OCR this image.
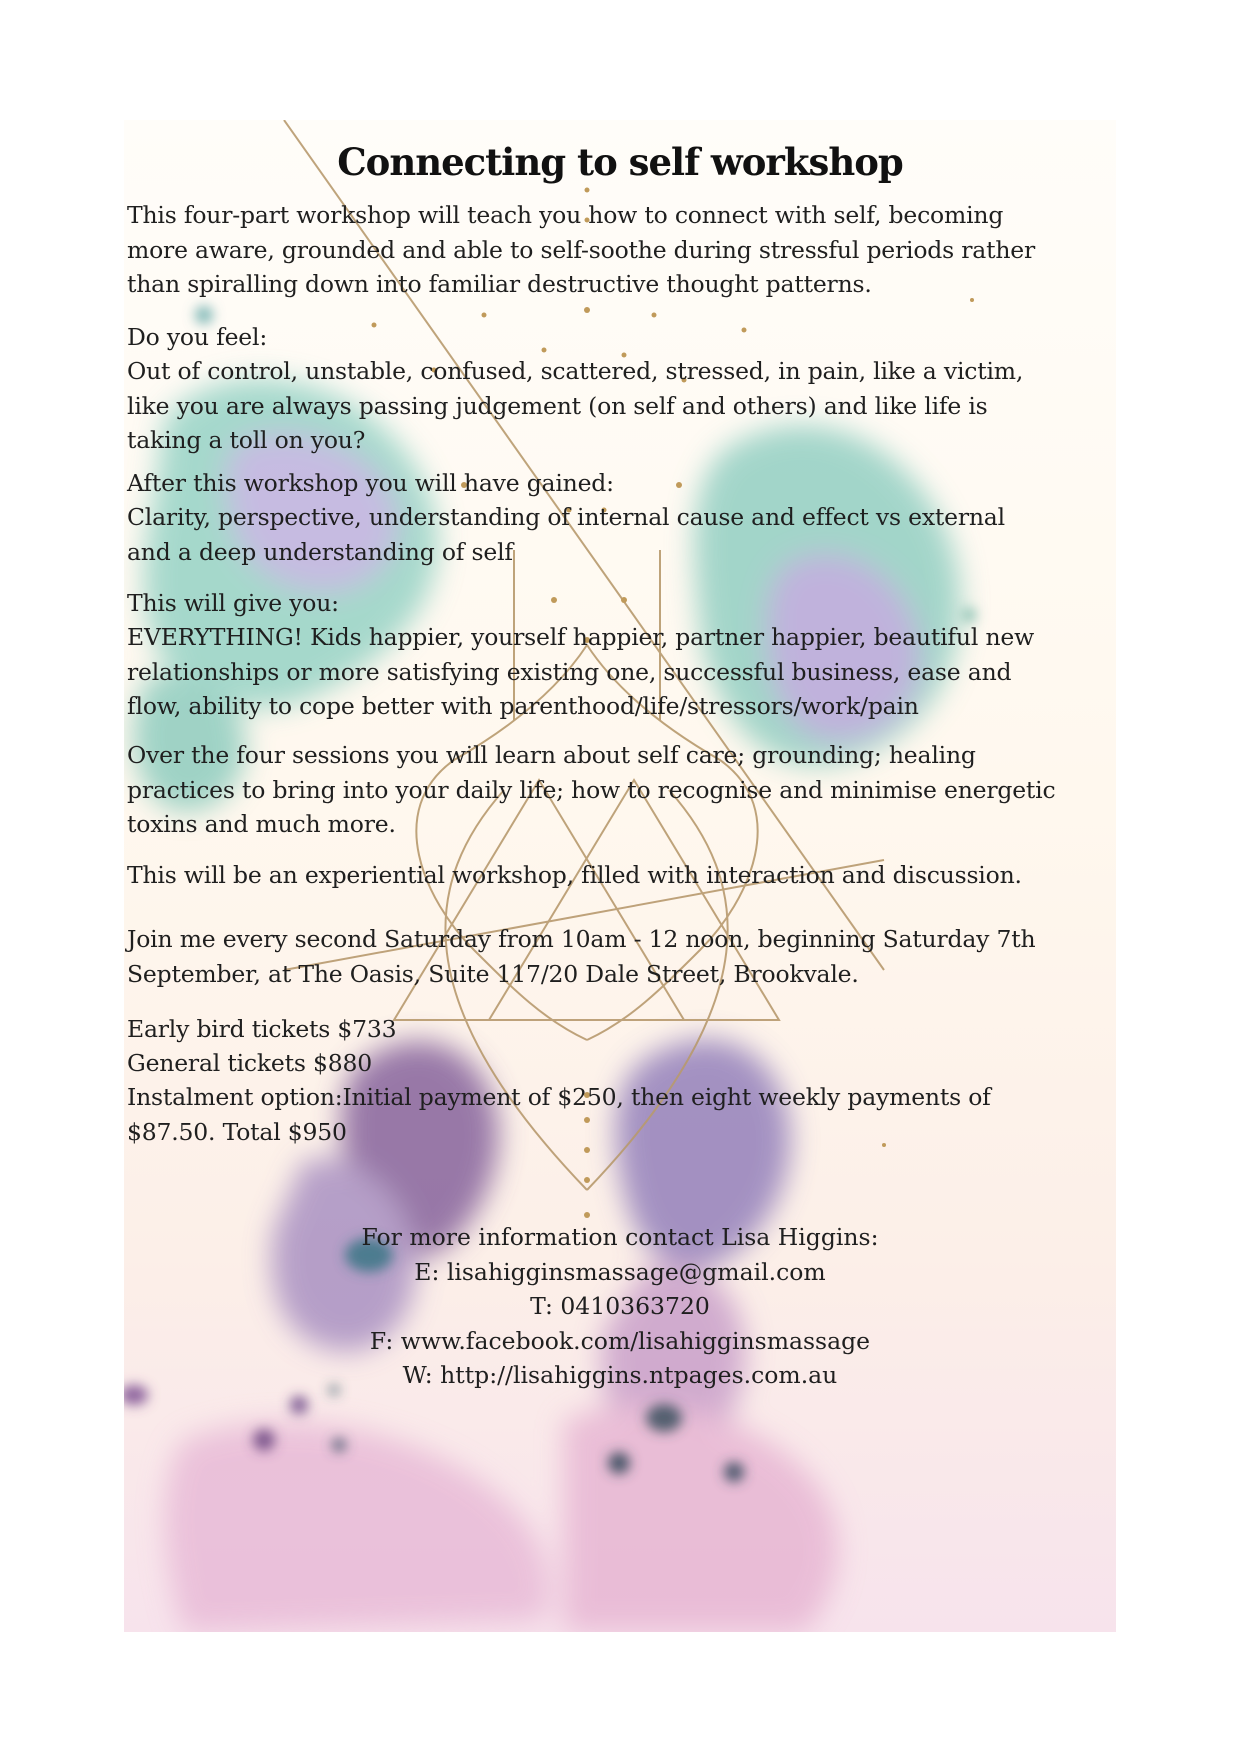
Connecting to self workshop
This four-part workshop will teach you how to connect with self, becoming
more aware, grounded and able to self-soothe during stressful periods rather
than spiralling down into familiar destructive thought patterns.
Do you feel:
Out of control, unstable, confused, scattered, stressed, in pain, like a victim,
like you are always passing judgement (on self and others) and like life is
taking a toll on you?
After this workshop you will have gained:
Clarity, perspective, understanding of internal cause and effect vs external
and a deep understanding of self
This will give you:
EVERYTHING! Kids happier, yourself happier, partner happier, beautiful new
relationships or more satisfying existing one, successful business, ease and
flow, ability to cope better with parenthood/life/stressors/work/pain
Over the four sessions you will learn about self care; grounding; healing
practices to bring into your daily life; how to recognise and minimise energetic
toxins and much more.
This will be an experiential workshop, filled with interaction and discussion.
Join me every second Saturday from 10am - 12 noon, beginning Saturday 7th
September, at The Oasis, Suite 117/20 Dale Street, Brookvale.
Early bird tickets $733
General tickets $880
Instalment option:Initial payment of $250, then eight weekly payments of
$87.50. Total $950
For more information contact Lisa Higgins:
E: lisahigginsmassage@gmail.com
T: 0410363720
F: www.facebook.com/lisahigginsmassage
W: http://lisahiggins.ntpages.com.au
